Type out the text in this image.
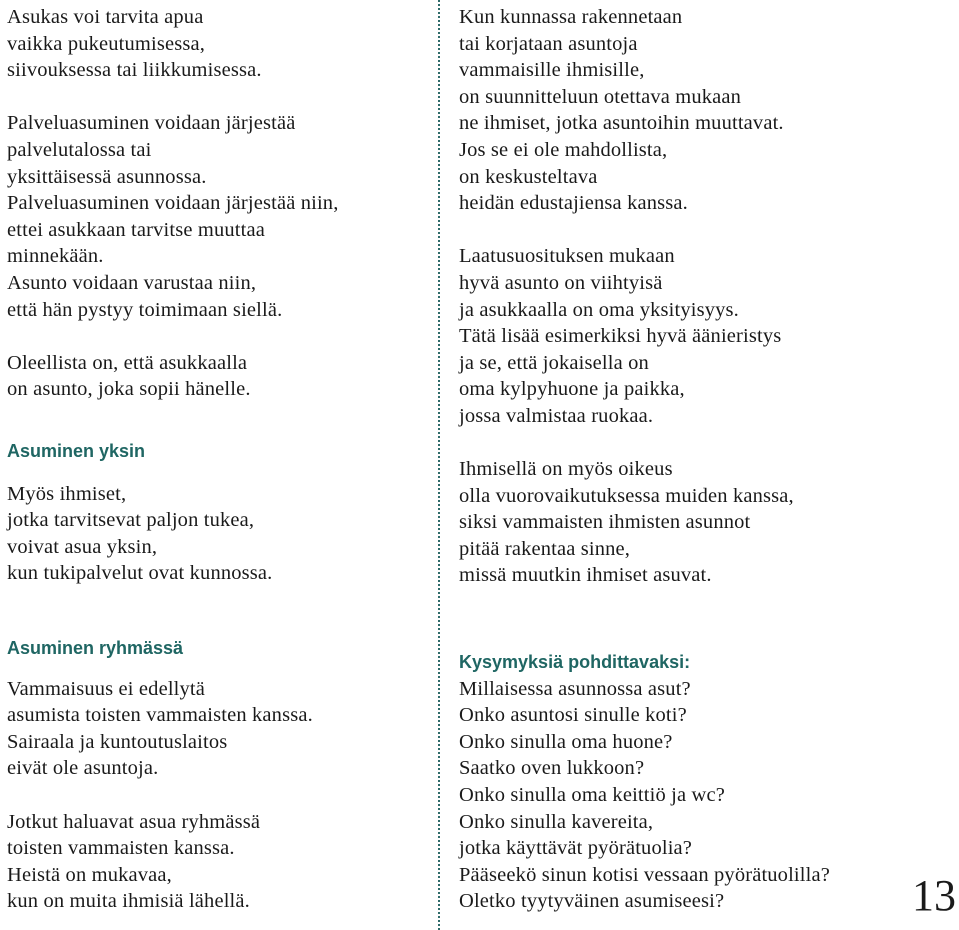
Asukas voi tarvita apua
vaikka pukeutumisessa,
siivouksessa tai liikkumisessa.
Palveluasuminen voidaan järjestää
palvelutalossa tai
yksittäisessä asunnossa.
Palveluasuminen voidaan järjestää niin,
ettei asukkaan tarvitse muuttaa
minnekään.
Asunto voidaan varustaa niin,
että hän pystyy toimimaan siellä.
Oleellista on, että asukkaalla
on asunto, joka sopii hänelle.
Asuminen yksin
Myös ihmiset,
jotka tarvitsevat paljon tukea,
voivat asua yksin,
kun tukipalvelut ovat kunnossa.
Kun kunnassa rakennetaan
tai korjataan asuntoja
vammaisille ihmisille,
on suunnitteluun otettava mukaan
ne ihmiset, jotka asuntoihin muuttavat.
Jos se ei ole mahdollista,
on keskusteltava
heidän edustajiensa kanssa.
Laatusuosituksen mukaan
hyvä asunto on viihtyisä
ja asukkaalla on oma yksityisyys.
Tätä lisää esimerkiksi hyvä äänieristys
ja se, että jokaisella on
oma kylpyhuone ja paikka,
jossa valmistaa ruokaa.
Ihmisellä on myös oikeus
olla vuorovaikutuksessa muiden kanssa,
siksi vammaisten ihmisten asunnot
pitää rakentaa sinne,
missä muutkin ihmiset asuvat.
Asuminen ryhmässä
Vammaisuus ei edellytä
asumista toisten vammaisten kanssa.
Sairaala ja kuntoutuslaitos
eivät ole asuntoja.
Jotkut haluavat asua ryhmässä
toisten vammaisten kanssa.
Heistä on mukavaa,
kun on muita ihmisiä lähellä.
Kysymyksiä pohdittavaksi:
Millaisessa asunnossa asut?
Onko asuntosi sinulle koti?
Onko sinulla oma huone?
Saatko oven lukkoon?
Onko sinulla oma keittiö ja wc?
Onko sinulla kavereita,
jotka käyttävät pyörätuolia?
Pääseekö sinun kotisi vessaan pyörätuolilla?
Oletko tyytyväinen asumiseesi?	13
